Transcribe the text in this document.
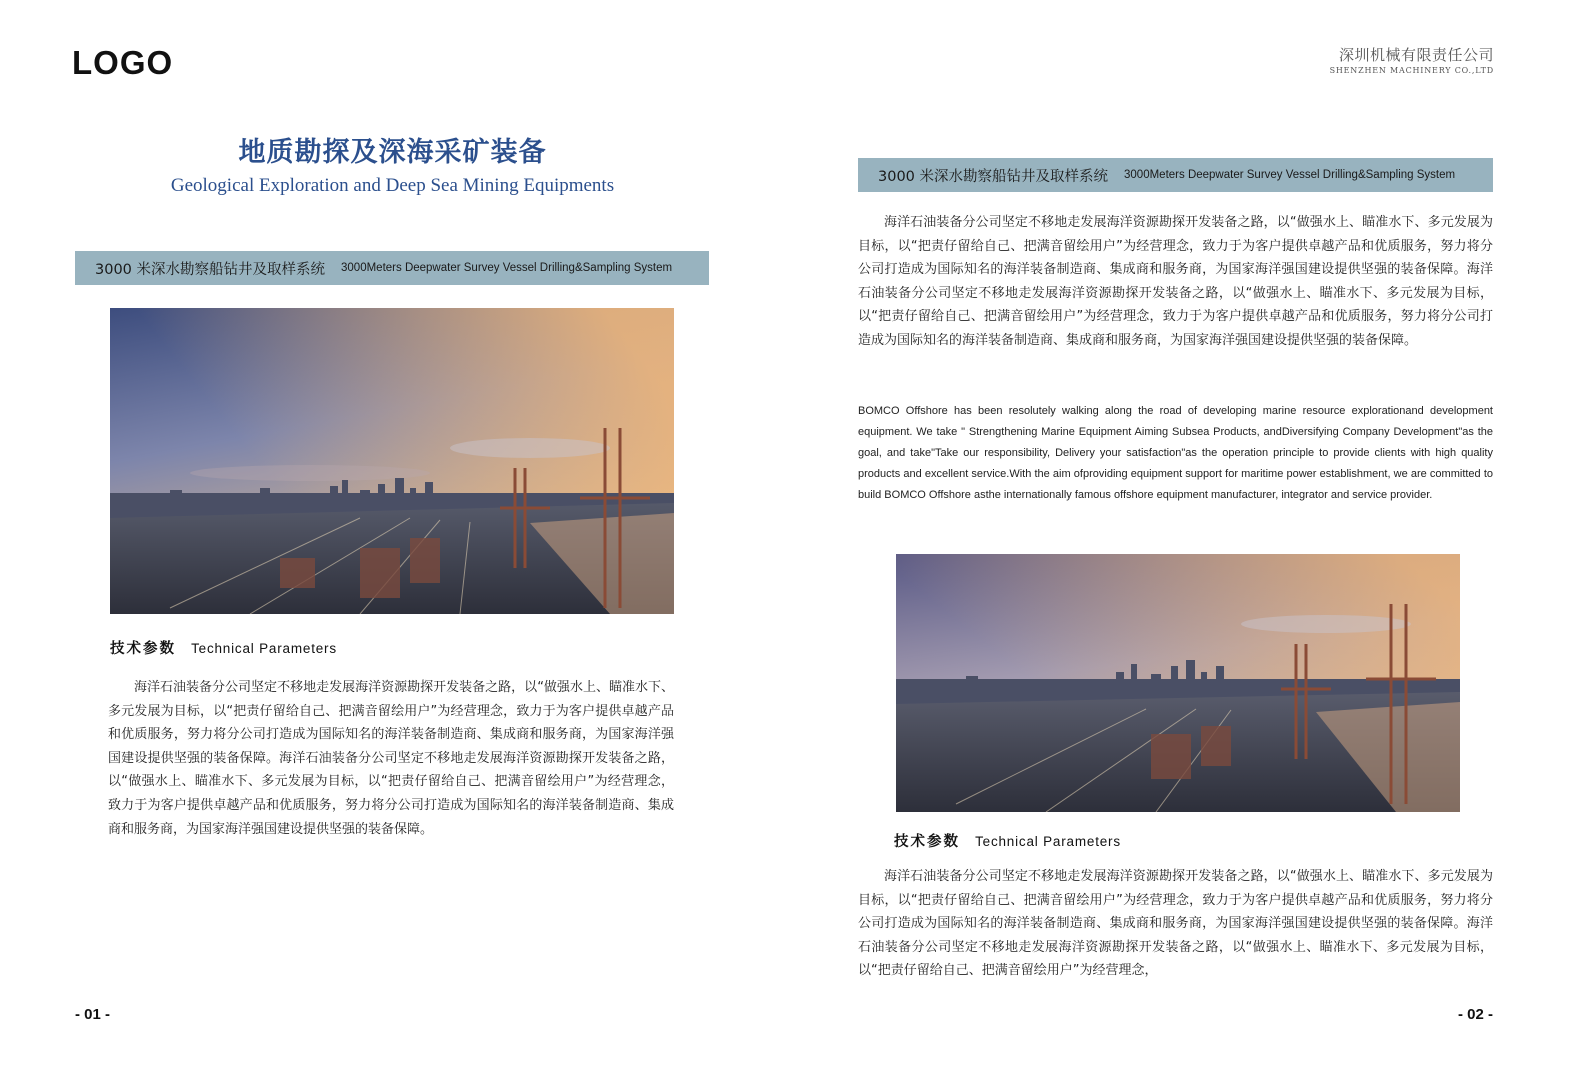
LOGO	深圳机械有限责任公司
SHENZHEN MACHINERY CO.,LTD
地质勘探及深海采矿装备
Geological Exploration and Deep Sea Mining Equipments
3000 米深水勘察船钻井及取样系统 3000Meters Deepwater Survey Vessel Drilling&Sampling System
技术参数 Technical Parameters

海洋石油装备分公司坚定不移地走发展海洋资源勘探开发装备之路，以“做强水上、瞄准水下、多元发展为目标，以“把责仔留给自己、把满音留绘用户”为经营理念，致力于为客户提供卓越产品和优质服务，努力将分公司打造成为国际知名的海洋装备制造商、集成商和服务商，为国家海洋强国建设提供坚强的装备保障。海洋石油装备分公司坚定不移地走发展海洋资源勘探开发装备之路，以“做强水上、瞄准水下、多元发展为目标，以“把责仔留给自己、把满音留绘用户”为经营理念，致力于为客户提供卓越产品和优质服务，努力将分公司打造成为国际知名的海洋装备制造商、集成商和服务商，为国家海洋强国建设提供坚强的装备保障。

- 01 -
3000 米深水勘察船钻井及取样系统 3000Meters Deepwater Survey Vessel Drilling&Sampling System

海洋石油装备分公司坚定不移地走发展海洋资源勘探开发装备之路，以“做强水上、瞄准水下、多元发展为目标，以“把责仔留给自己、把满音留绘用户”为经营理念，致力于为客户提供卓越产品和优质服务，努力将分公司打造成为国际知名的海洋装备制造商、集成商和服务商，为国家海洋强国建设提供坚强的装备保障。海洋石油装备分公司坚定不移地走发展海洋资源勘探开发装备之路，以“做强水上、瞄准水下、多元发展为目标，以“把责仔留给自己、把满音留绘用户”为经营理念，致力于为客户提供卓越产品和优质服务，努力将分公司打造成为国际知名的海洋装备制造商、集成商和服务商，为国家海洋强国建设提供坚强的装备保障。

BOMCO Offshore has been resolutely walking along the road of developing marine resource explorationand development equipment. We take " Strengthening Marine Equipment Aiming Subsea Products, andDiversifying Company Development"as the goal, and take"Take our responsibility, Delivery your satisfaction"as the operation principle to provide clients with high quality products and excellent service.With the aim ofproviding equipment support for maritime power establishment, we are committed to build BOMCO Offshore asthe internationally famous offshore equipment manufacturer, integrator and service provider.

技术参数 Technical Parameters

海洋石油装备分公司坚定不移地走发展海洋资源勘探开发装备之路，以“做强水上、瞄准水下、多元发展为目标，以“把责仔留给自己、把满音留绘用户”为经营理念，致力于为客户提供卓越产品和优质服务，努力将分公司打造成为国际知名的海洋装备制造商、集成商和服务商，为国家海洋强国建设提供坚强的装备保障。海洋石油装备分公司坚定不移地走发展海洋资源勘探开发装备之路，以“做强水上、瞄准水下、多元发展为目标，以“把责仔留给自己、把满音留绘用户”为经营理念，

- 02 -
